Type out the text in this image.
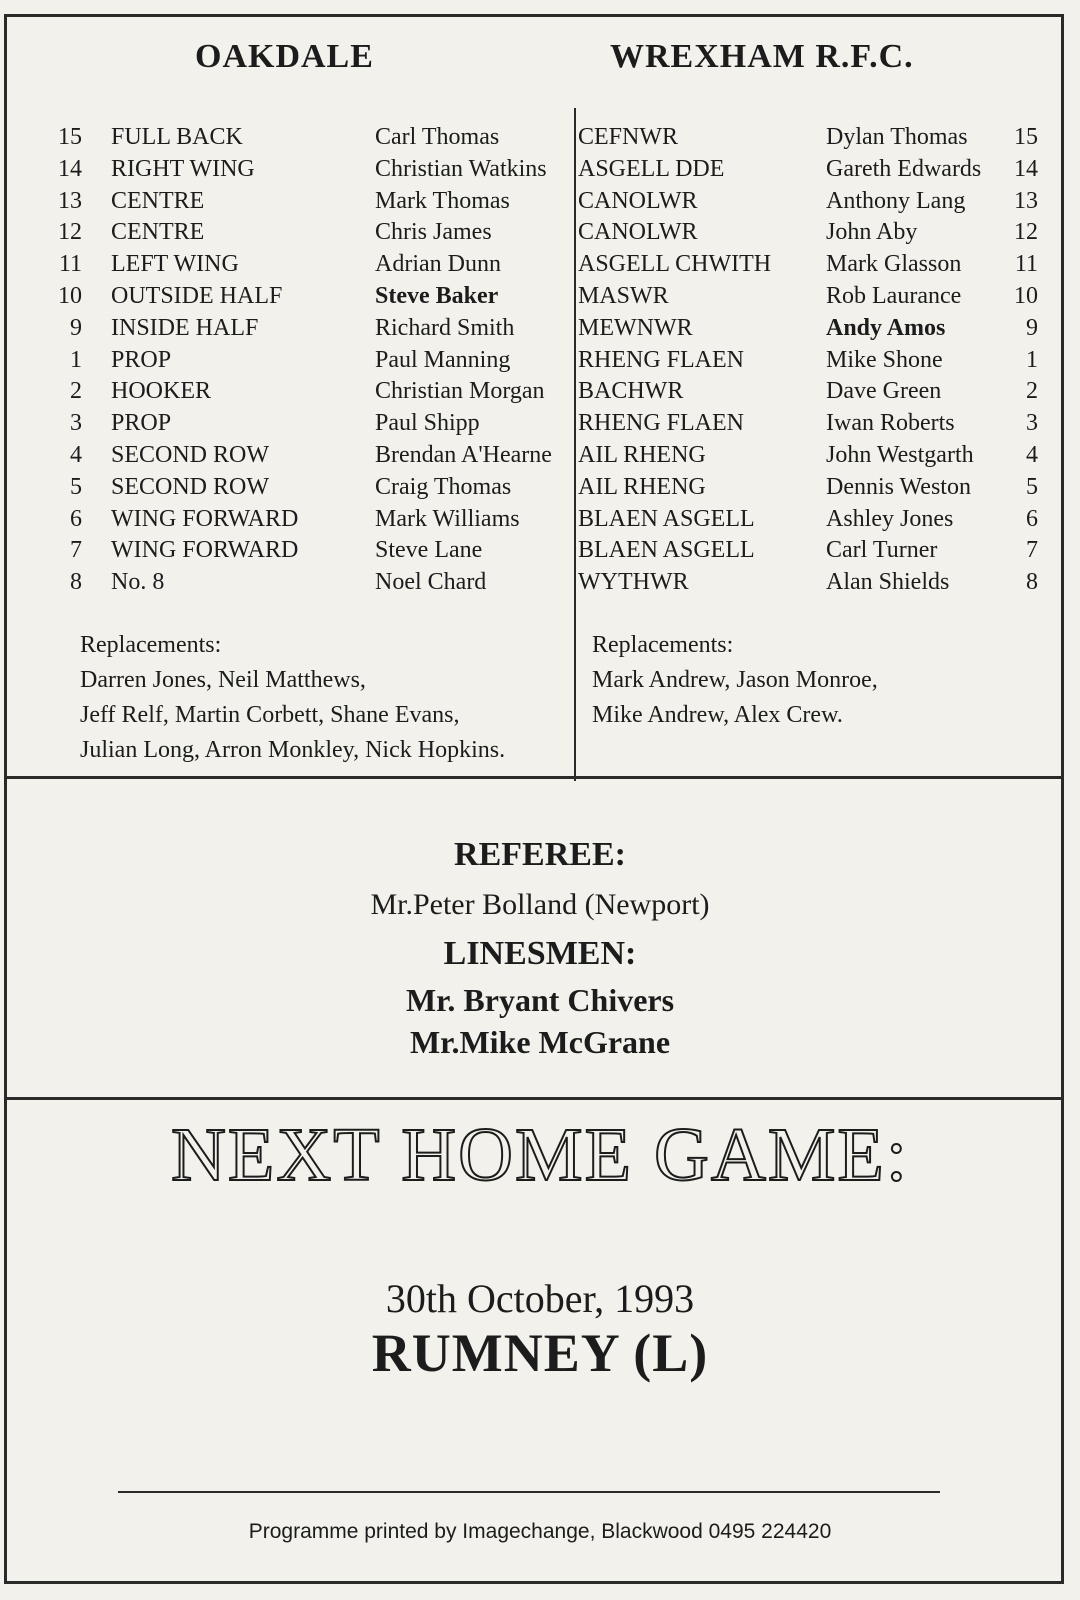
OAKDALE	WREXHAM R.F.C.
15 FULL BACK	Carl Thomas
14 RIGHT WING	Christian Watkins
13 CENTRE	Mark Thomas
12 CENTRE	Chris James
11 LEFT WING	Adrian Dunn
10 OUTSIDE HALF	Steve Baker
9 INSIDE HALF	Richard Smith
1 PROP	Paul Manning
2 HOOKER	Christian Morgan
3 PROP	Paul Shipp
4 SECOND ROW	Brendan A'Hearne
5 SECOND ROW	Craig Thomas
6 WING FORWARD	Mark Williams
7 WING FORWARD	Steve Lane
8 No. 8	Noel Chard
CEFNWR	Dylan Thomas	15
ASGELL DDE	Gareth Edwards	14
CANOLWR	Anthony Lang	13
CANOLWR	John Aby	12
ASGELL CHWITH Mark Glasson	11
MASWR	Rob Laurance	10
MEWNWR	Andy Amos	9
RHENG FLAEN	Mike Shone	1
BACHWR	Dave Green	2
RHENG FLAEN	Iwan Roberts	3
AIL RHENG	John Westgarth	4
AIL RHENG	Dennis Weston	5
BLAEN ASGELL	Ashley Jones	6
BLAEN ASGELL	Carl Turner	7
WYTHWR	Alan Shields	8
Replacements:
Darren Jones, Neil Matthews,
Jeff Relf, Martin Corbett, Shane Evans,
Julian Long, Arron Monkley, Nick Hopkins.
Replacements:
Mark Andrew, Jason Monroe,
Mike Andrew, Alex Crew.
REFEREE:
Mr.Peter Bolland (Newport)
LINESMEN:
Mr. Bryant Chivers
Mr.Mike McGrane
NEXT HOME GAME:
30th October, 1993
RUMNEY (L)
Programme printed by Imagechange, Blackwood 0495 224420
